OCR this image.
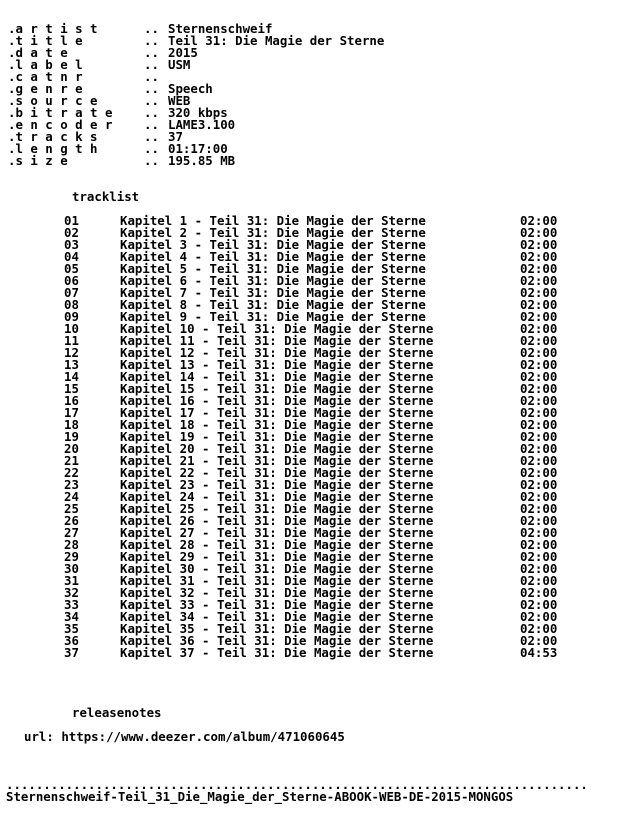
.a r t i s t	.. Sternenschweif
.t i t l e	.. Teil 31: Die Magie der Sterne
.d a t e	.. 2015
.l a b e l	.. USM
.c a t n r	..
.g e n r e	.. Speech
.s o u r c e	.. WEB
.b i t r a t e	.. 320 kbps
.e n c o d e r	.. LAME3.100
.t r a c k s	.. 37
.l e n g t h	.. 01:17:00
.s i z e	.. 195.85 MB
tracklist
01	Kapitel 1 - Teil 31: Die Magie der Sterne	02:00
02	Kapitel 2 - Teil 31: Die Magie der Sterne	02:00
03	Kapitel 3 - Teil 31: Die Magie der Sterne	02:00
04	Kapitel 4 - Teil 31: Die Magie der Sterne	02:00
05	Kapitel 5 - Teil 31: Die Magie der Sterne	02:00
06	Kapitel 6 - Teil 31: Die Magie der Sterne	02:00
07	Kapitel 7 - Teil 31: Die Magie der Sterne	02:00
08	Kapitel 8 - Teil 31: Die Magie der Sterne	02:00
09	Kapitel 9 - Teil 31: Die Magie der Sterne	02:00
10	Kapitel 10 - Teil 31: Die Magie der Sterne	02:00
11	Kapitel 11 - Teil 31: Die Magie der Sterne	02:00
12	Kapitel 12 - Teil 31: Die Magie der Sterne	02:00
13	Kapitel 13 - Teil 31: Die Magie der Sterne	02:00
14	Kapitel 14 - Teil 31: Die Magie der Sterne	02:00
15	Kapitel 15 - Teil 31: Die Magie der Sterne	02:00
16	Kapitel 16 - Teil 31: Die Magie der Sterne	02:00
17	Kapitel 17 - Teil 31: Die Magie der Sterne	02:00
18	Kapitel 18 - Teil 31: Die Magie der Sterne	02:00
19	Kapitel 19 - Teil 31: Die Magie der Sterne	02:00
20	Kapitel 20 - Teil 31: Die Magie der Sterne	02:00
21	Kapitel 21 - Teil 31: Die Magie der Sterne	02:00
22	Kapitel 22 - Teil 31: Die Magie der Sterne	02:00
23	Kapitel 23 - Teil 31: Die Magie der Sterne	02:00
24	Kapitel 24 - Teil 31: Die Magie der Sterne	02:00
25	Kapitel 25 - Teil 31: Die Magie der Sterne	02:00
26	Kapitel 26 - Teil 31: Die Magie der Sterne	02:00
27	Kapitel 27 - Teil 31: Die Magie der Sterne	02:00
28	Kapitel 28 - Teil 31: Die Magie der Sterne	02:00
29	Kapitel 29 - Teil 31: Die Magie der Sterne	02:00
30	Kapitel 30 - Teil 31: Die Magie der Sterne	02:00
31	Kapitel 31 - Teil 31: Die Magie der Sterne	02:00
32	Kapitel 32 - Teil 31: Die Magie der Sterne	02:00
33	Kapitel 33 - Teil 31: Die Magie der Sterne	02:00
34	Kapitel 34 - Teil 31: Die Magie der Sterne	02:00
35	Kapitel 35 - Teil 31: Die Magie der Sterne	02:00
36	Kapitel 36 - Teil 31: Die Magie der Sterne	02:00
37	Kapitel 37 - Teil 31: Die Magie der Sterne	04:53
releasenotes
url: https://www.deezer.com/album/471060645
..............................................................................
Sternenschweif-Teil_31_Die_Magie_der_Sterne-ABOOK-WEB-DE-2015-MONGOS
